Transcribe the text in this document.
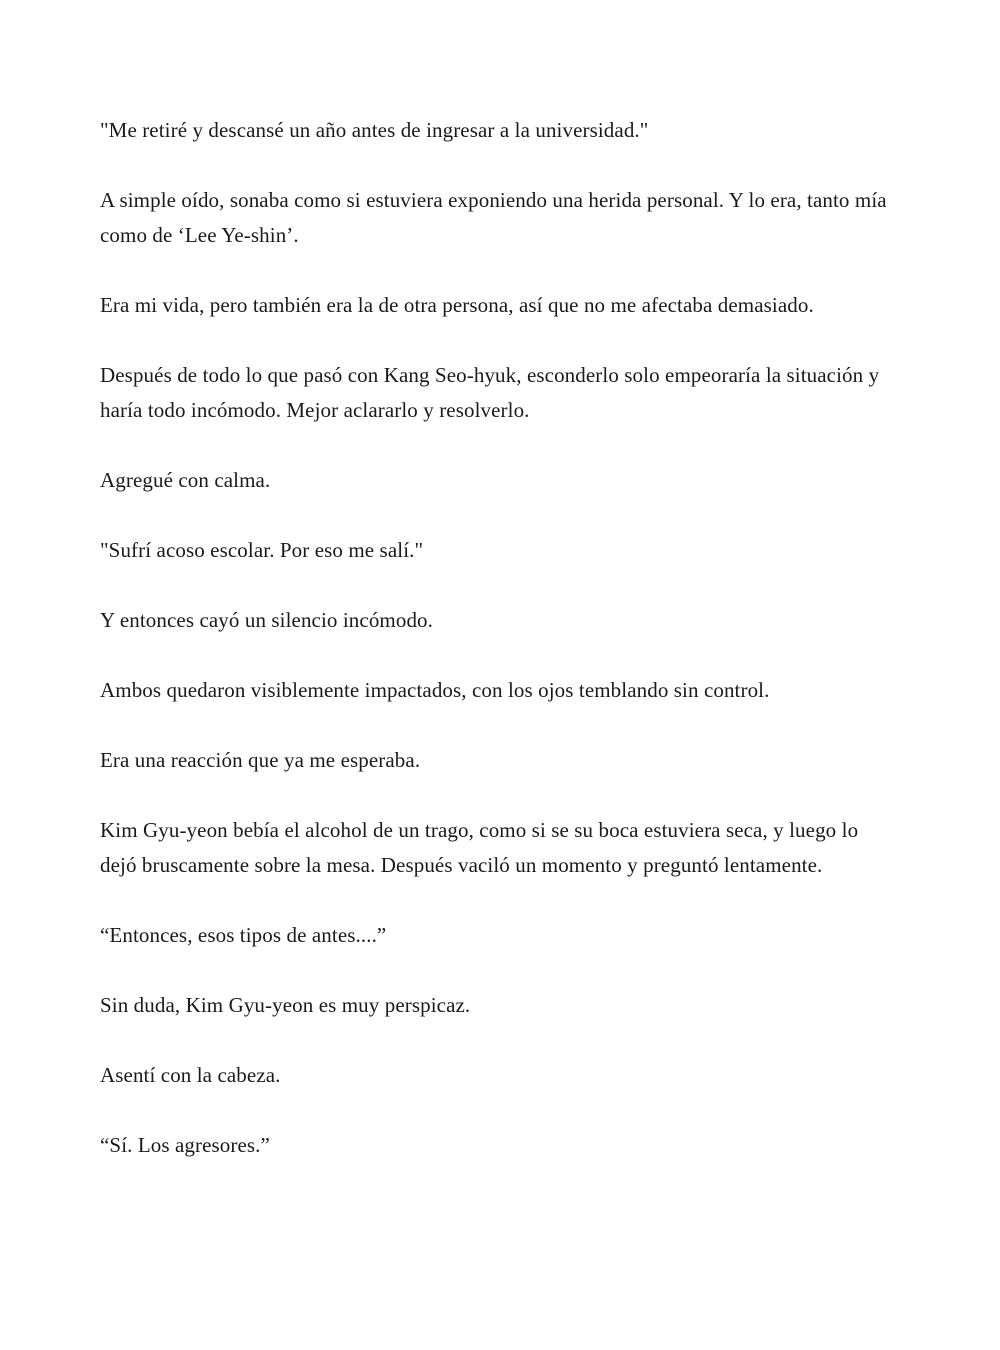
"Me retiré y descansé un año antes de ingresar a la universidad."

A simple oído, sonaba como si estuviera exponiendo una herida personal. Y lo era, tanto mía como de ‘Lee Ye-shin’.

Era mi vida, pero también era la de otra persona, así que no me afectaba demasiado.

Después de todo lo que pasó con Kang Seo-hyuk, esconderlo solo empeoraría la situación y haría todo incómodo. Mejor aclararlo y resolverlo.

Agregué con calma.

"Sufrí acoso escolar. Por eso me salí."

Y entonces cayó un silencio incómodo.

Ambos quedaron visiblemente impactados, con los ojos temblando sin control.

Era una reacción que ya me esperaba.

Kim Gyu-yeon bebía el alcohol de un trago, como si se su boca estuviera seca, y luego lo dejó bruscamente sobre la mesa. Después vaciló un momento y preguntó lentamente.

“Entonces, esos tipos de antes....”

Sin duda, Kim Gyu-yeon es muy perspicaz.

Asentí con la cabeza.

“Sí. Los agresores.”
